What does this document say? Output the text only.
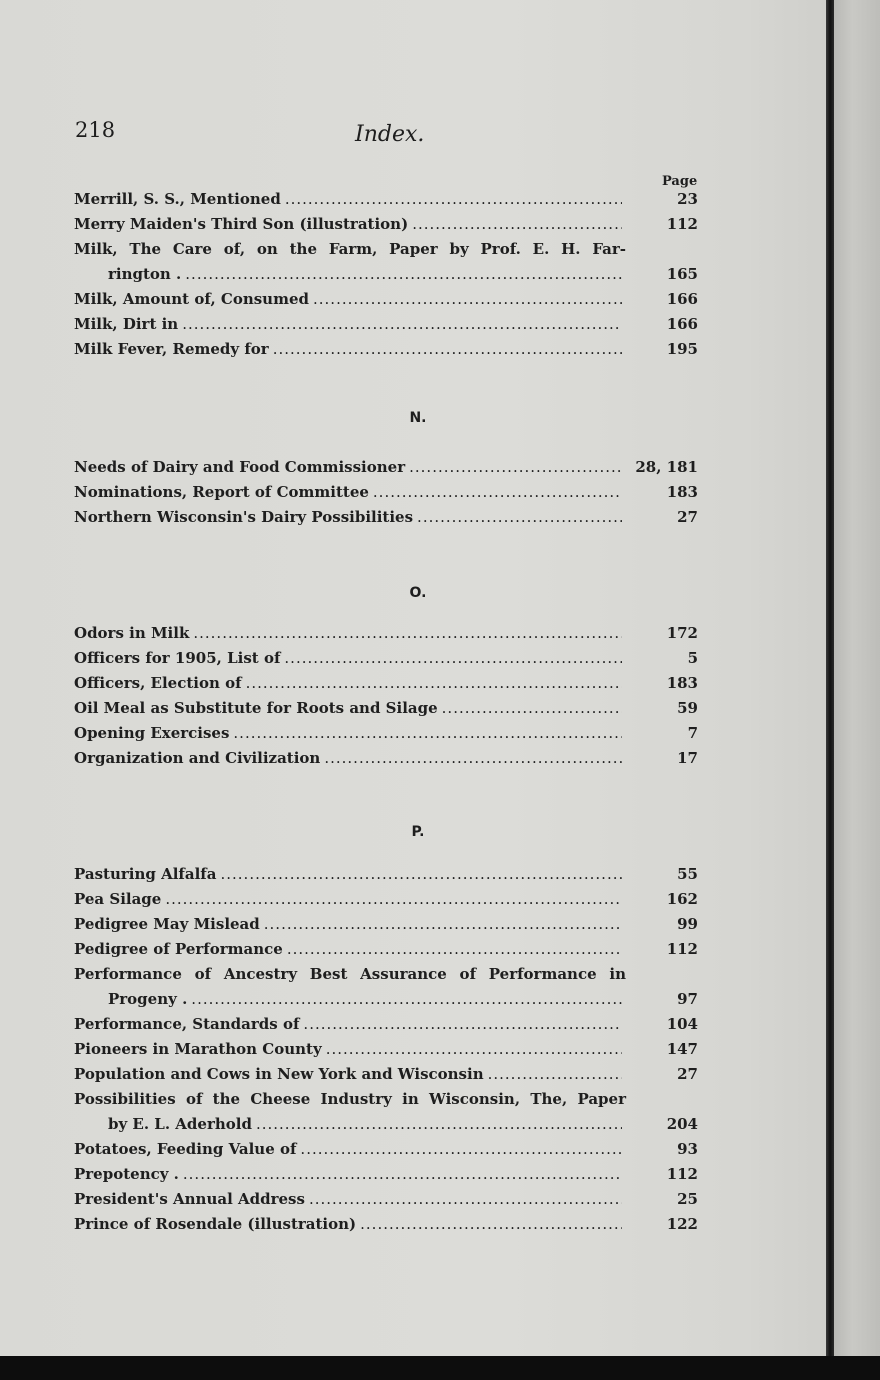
218	Index.
Page
Merrill, S. S., Mentioned .....	23
Merry Maiden's Third Son (illustration) .....	112
Milk, The Care of, on the Farm, Paper by Prof. E. H. Far-
rington . .....	165
Milk, Amount of, Consumed .....	166
Milk, Dirt in .....	166
Milk Fever, Remedy for .....	195
N.
Needs of Dairy and Food Commissioner .....	28, 181
Nominations, Report of Committee .....	183
Northern Wisconsin's Dairy Possibilities .....	27
O.
Odors in Milk .....	172
Officers for 1905, List of .....	5
Officers, Election of .....	183
Oil Meal as Substitute for Roots and Silage .....	59
Opening Exercises .....	7
Organization and Civilization .....	17
P.
Pasturing Alfalfa .....	55
Pea Silage .....	162
Pedigree May Mislead .....	99
Pedigree of Performance .....	112
Performance of Ancestry Best Assurance of Performance in
Progeny . .....	97
Performance, Standards of .....	104
Pioneers in Marathon County .....	147
Population and Cows in New York and Wisconsin .....	27
Possibilities of the Cheese Industry in Wisconsin, The, Paper
by E. L. Aderhold .....	204
Potatoes, Feeding Value of .....	93
Prepotency . .....	112
President's Annual Address .....	25
Prince of Rosendale (illustration) .....	122
